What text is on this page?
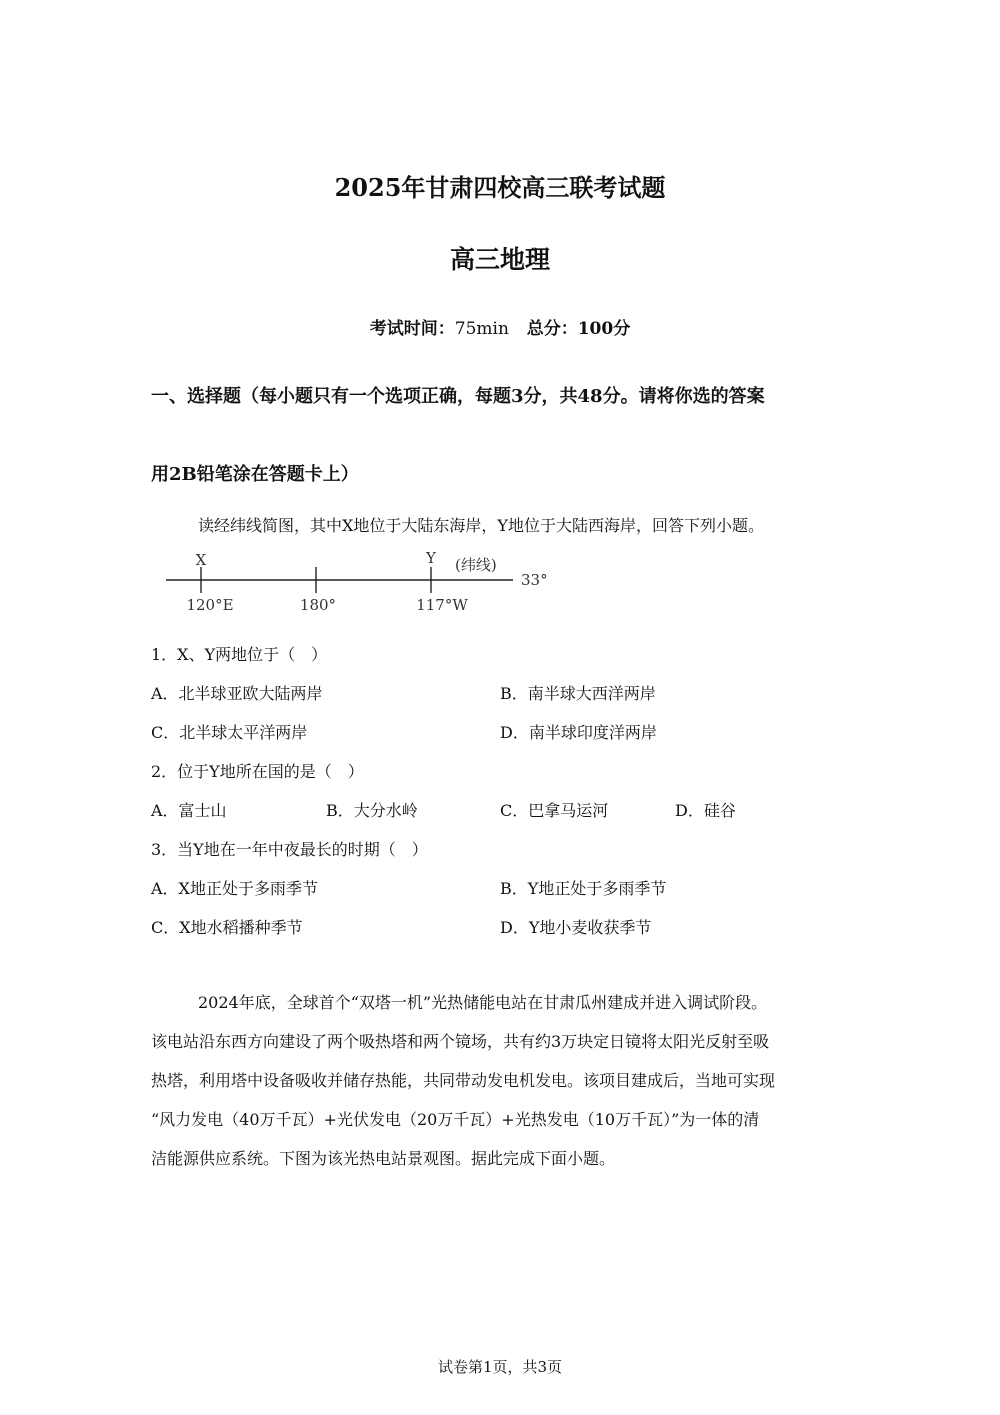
2025年甘肃四校高三联考试题
高三地理
考试时间：75min 总分：100分
一、选择题（每小题只有一个选项正确，每题3分，共48分。请将你选的答案
用2B铅笔涂在答题卡上）
读经纬线简图，其中X地位于大陆东海岸，Y地位于大陆西海岸，回答下列小题。
X	Y (纬线)
33°
120°E	180°	117°W
1．X、Y两地位于（　）
A．北半球亚欧大陆两岸	B．南半球大西洋两岸
C．北半球太平洋两岸	D．南半球印度洋两岸
2．位于Y地所在国的是（　）
A．富士山	B．大分水岭	C．巴拿马运河	D．硅谷
3．当Y地在一年中夜最长的时期（　）
A．X地正处于多雨季节	B．Y地正处于多雨季节
C．X地水稻播种季节	D．Y地小麦收获季节
2024年底，全球首个“双塔一机”光热储能电站在甘肃瓜州建成并进入调试阶段。
该电站沿东西方向建设了两个吸热塔和两个镜场，共有约3万块定日镜将太阳光反射至吸
热塔，利用塔中设备吸收并储存热能，共同带动发电机发电。该项目建成后，当地可实现
“风力发电（40万千瓦）+光伏发电（20万千瓦）+光热发电（10万千瓦）”为一体的清
洁能源供应系统。下图为该光热电站景观图。据此完成下面小题。
试卷第1页，共3页
